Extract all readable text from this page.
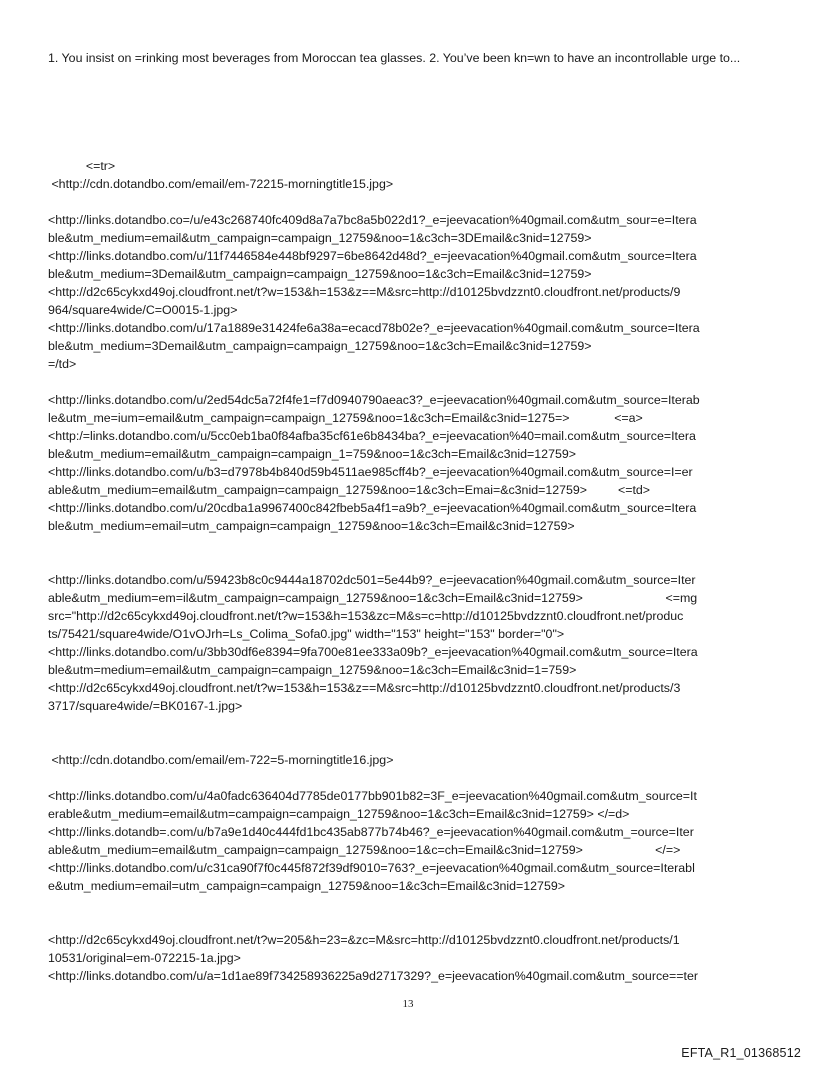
1. You insist on =rinking most beverages from Moroccan tea glasses. 2. You’ve been kn=wn to have an incontrollable urge to...
<=tr>
<http://cdn.dotandbo.com/email/em-72215-morningtitle15.jpg>
<http://links.dotandbo.co=/u/e43c268740fc409d8a7a7bc8a5b022d1?_e=jeevacation%40gmail.com&utm_sour=e=Itera
ble&utm_medium=email&utm_campaign=campaign_12759&noo=1&c3ch=3DEmail&c3nid=12759>
<http://links.dotandbo.com/u/11f7446584e448bf9297=6be8642d48d?_e=jeevacation%40gmail.com&utm_source=Itera
ble&utm_medium=3Demail&utm_campaign=campaign_12759&noo=1&c3ch=Email&c3nid=12759>
<http://d2c65cykxd49oj.cloudfront.net/t?w=153&h=153&z==M&src=http://d10125bvdzznt0.cloudfront.net/products/9
964/square4wide/C=O0015-1.jpg>
<http://links.dotandbo.com/u/17a1889e31424fe6a38a=ecacd78b02e?_e=jeevacation%40gmail.com&utm_source=Itera
ble&utm_medium=3Demail&utm_campaign=campaign_12759&noo=1&c3ch=Email&c3nid=12759>
=/td>
<http://links.dotandbo.com/u/2ed54dc5a72f4fe1=f7d0940790aeac3?_e=jeevacation%40gmail.com&utm_source=Iterab
le&utm_me=ium=email&utm_campaign=campaign_12759&noo=1&c3ch=Email&c3nid=1275=>             <=a>
<http:/=links.dotandbo.com/u/5cc0eb1ba0f84afba35cf61e6b8434ba?_e=jeevacation%40=mail.com&utm_source=Itera
ble&utm_medium=email&utm_campaign=campaign_1=759&noo=1&c3ch=Email&c3nid=12759>
<http://links.dotandbo.com/u/b3=d7978b4b840d59b4511ae985cff4b?_e=jeevacation%40gmail.com&utm_source=I=er
able&utm_medium=email&utm_campaign=campaign_12759&noo=1&c3ch=Emai=&c3nid=12759>         <=td>
<http://links.dotandbo.com/u/20cdba1a9967400c842fbeb5a4f1=a9b?_e=jeevacation%40gmail.com&utm_source=Itera
ble&utm_medium=email=utm_campaign=campaign_12759&noo=1&c3ch=Email&c3nid=12759>
<http://links.dotandbo.com/u/59423b8c0c9444a18702dc501=5e44b9?_e=jeevacation%40gmail.com&utm_source=Iter
able&utm_medium=em=il&utm_campaign=campaign_12759&noo=1&c3ch=Email&c3nid=12759>                        <=mg
src="http://d2c65cykxd49oj.cloudfront.net/t?w=153&h=153&zc=M&s=c=http://d10125bvdzznt0.cloudfront.net/produc
ts/75421/square4wide/O1vOJrh=Ls_Colima_Sofa0.jpg" width="153" height="153" border="0">
<http://links.dotandbo.com/u/3bb30df6e8394=9fa700e81ee333a09b?_e=jeevacation%40gmail.com&utm_source=Itera
ble&utm=medium=email&utm_campaign=campaign_12759&noo=1&c3ch=Email&c3nid=1=759>
<http://d2c65cykxd49oj.cloudfront.net/t?w=153&h=153&z==M&src=http://d10125bvdzznt0.cloudfront.net/products/3
3717/square4wide/=BK0167-1.jpg>
<http://cdn.dotandbo.com/email/em-722=5-morningtitle16.jpg>
<http://links.dotandbo.com/u/4a0fadc636404d7785de0177bb901b82=3F_e=jeevacation%40gmail.com&utm_source=It
erable&utm_medium=email&utm=campaign=campaign_12759&noo=1&c3ch=Email&c3nid=12759> </=d>
<http://links.dotandb=.com/u/b7a9e1d40c444fd1bc435ab877b74b46?_e=jeevacation%40gmail.com&utm_=ource=Iter
able&utm_medium=email&utm_campaign=campaign_12759&noo=1&c=ch=Email&c3nid=12759>                     </=>
<http://links.dotandbo.com/u/c31ca90f7f0c445f872f39df9010=763?_e=jeevacation%40gmail.com&utm_source=Iterabl
e&utm_medium=email=utm_campaign=campaign_12759&noo=1&c3ch=Email&c3nid=12759>
<http://d2c65cykxd49oj.cloudfront.net/t?w=205&h=23=&zc=M&src=http://d10125bvdzznt0.cloudfront.net/products/1
10531/original=em-072215-1a.jpg>
<http://links.dotandbo.com/u/a=1d1ae89f734258936225a9d2717329?_e=jeevacation%40gmail.com&utm_source==ter
13
EFTA_R1_01368512
